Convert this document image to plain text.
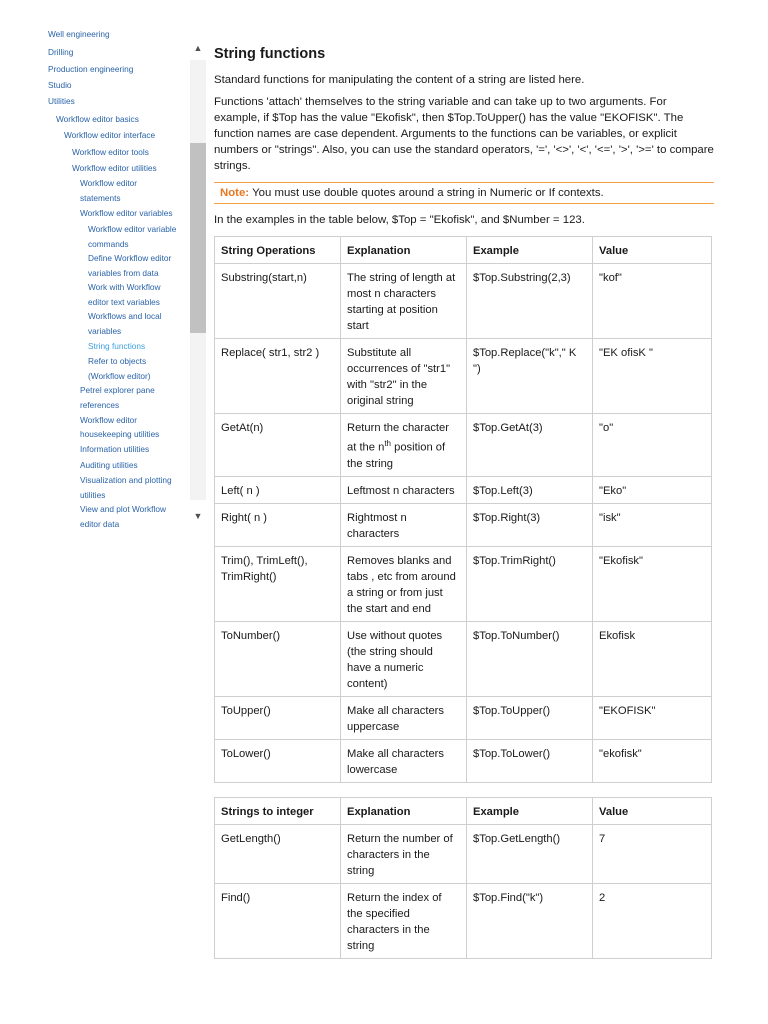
Well engineering
Drilling
Production engineering
Studio
Utilities
Workflow editor basics
Workflow editor interface
Workflow editor tools
Workflow editor utilities
Workflow editor
statements
Workflow editor variables
Workflow editor variable
commands
Define Workflow editor
variables from data
Work with Workflow
editor text variables
Workflows and local
variables
String functions
Refer to objects
(Workflow editor)
Petrel explorer pane
references
Workflow editor
housekeeping utilities
Information utilities
Auditing utilities
Visualization and plotting
utilities
View and plot Workflow
editor data
▲
▼
String functions

Standard functions for manipulating the content of a string are listed here.

Functions 'attach' themselves to the string variable and can take up to two arguments. For example, if $Top has the value "Ekofisk", then $Top.ToUpper() has the value "EKOFISK". The function names are case dependent. Arguments to the functions can be variables, or explicit numbers or "strings". Also, you can use the standard operators, '=', '<>', '<', '<=', '>', '>=' to compare strings.

Note: You must use double quotes around a string in Numeric or If contexts.

In the examples in the table below, $Top = "Ekofisk", and $Number = 123.

String Operations	Explanation	Example	Value
Substring(start,n)	The string of length at most n characters starting at position start	$Top.Substring(2,3)	"kof"
Replace( str1, str2 )	Substitute all occurrences of "str1" with "str2" in the original string	$Top.Replace("k"," K ")	"EK ofisK "
GetAt(n)	Return the character at the $n^{th}$ position of the string	$Top.GetAt(3)	"o"
Left( n )	Leftmost n characters	$Top.Left(3)	"Eko"
Right( n )	Rightmost n characters	$Top.Right(3)	"isk"
Trim(), TrimLeft(), TrimRight()	Removes blanks and tabs , etc from around a string or from just the start and end	$Top.TrimRight()	"Ekofisk"
ToNumber()	Use without quotes (the string should have a numeric content)	$Top.ToNumber()	Ekofisk
ToUpper()	Make all characters uppercase	$Top.ToUpper()	"EKOFISK"
ToLower()	Make all characters lowercase	$Top.ToLower()	"ekofisk"
Strings to integer	Explanation	Example	Value
GetLength()	Return the number of characters in the string	$Top.GetLength()	7
Find()	Return the index of the specified characters in the string	$Top.Find("k")	2
